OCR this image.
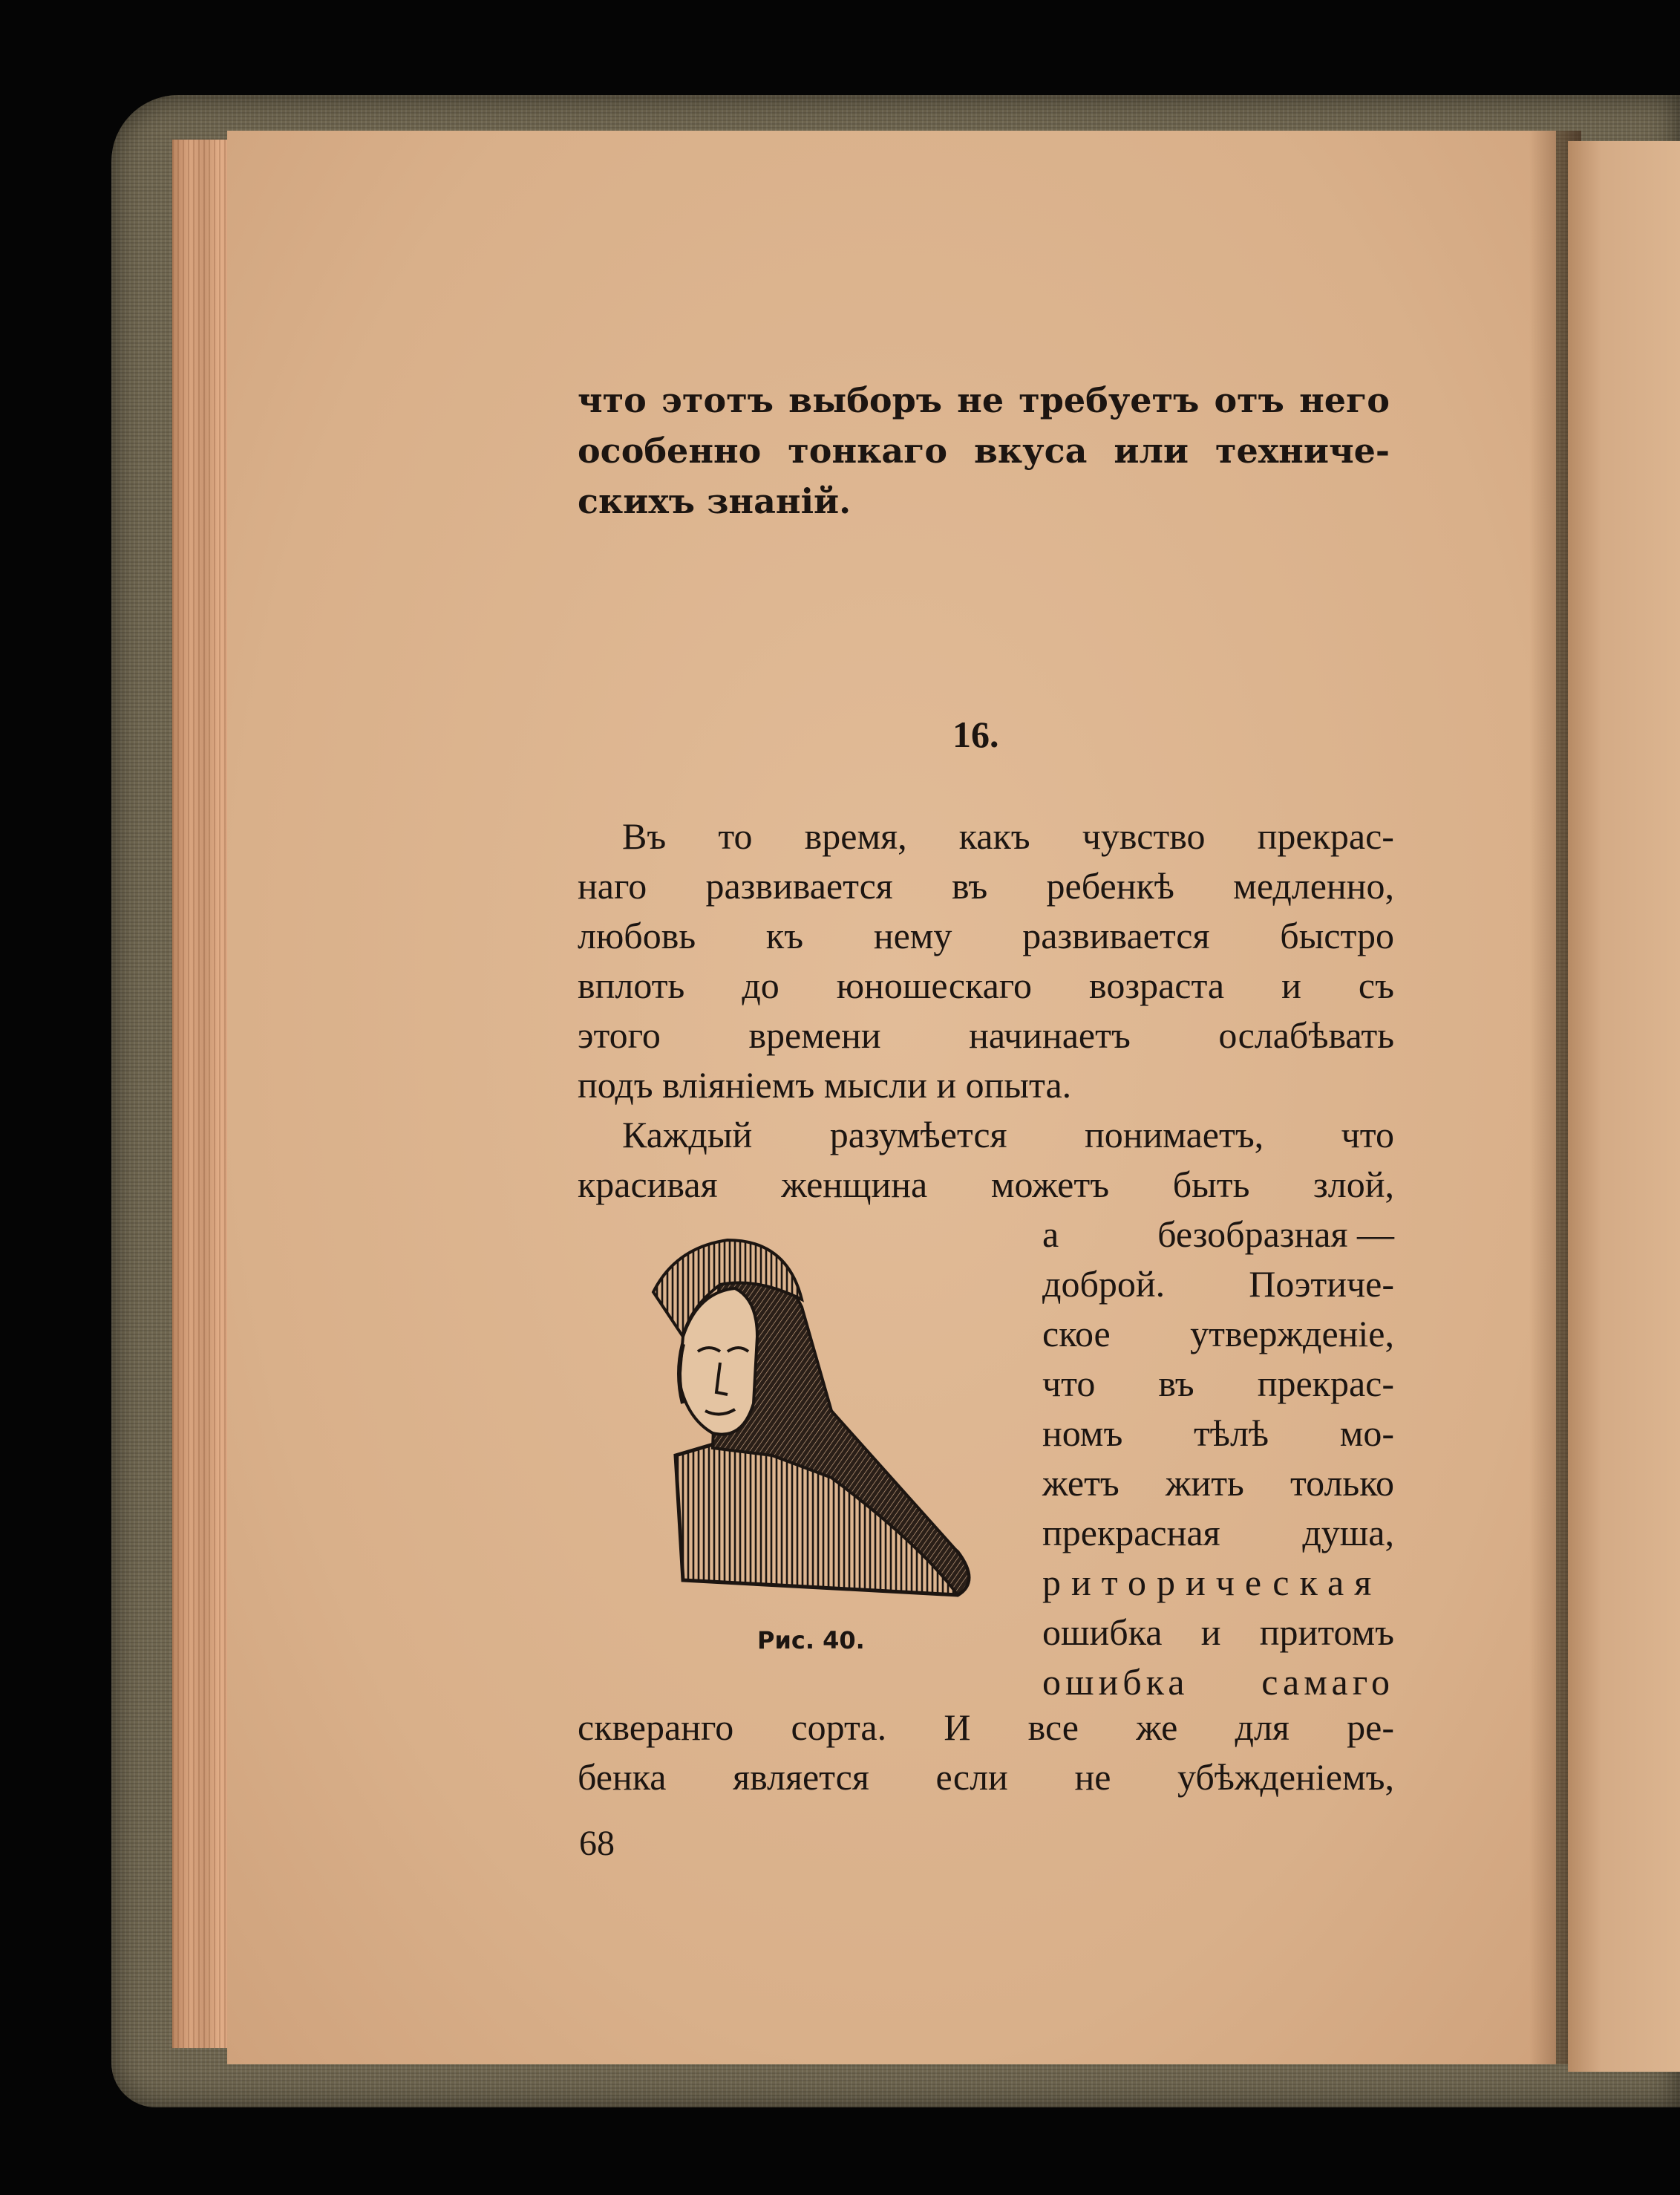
что этотъ выборъ не требуетъ отъ него
особенно тонкаго вкуса или техниче-
скихъ знаній.
16.
Въ то время, какъ чувство прекрас-
наго развивается въ ребенкѣ медленно,
любовь къ нему развивается быстро
вплоть до юношескаго возраста и съ
этого времени начинаетъ ослабѣвать
подъ вліяніемъ мысли и опыта.
Каждый разумѣется понимаетъ, что
красивая женщина можетъ быть злой,
а	безобразная —
доброй. Поэтиче-
ское утвержденіе,
что въ прекрас-
номъ тѣлѣ мо-
жетъ жить только
прекрасная душа,
риторическая
ошибка и притомъ
ошибка самаго
Рис. 40.
скверанго сорта. И все же для ре-
бенка является если не убѣжденіемъ,
68
